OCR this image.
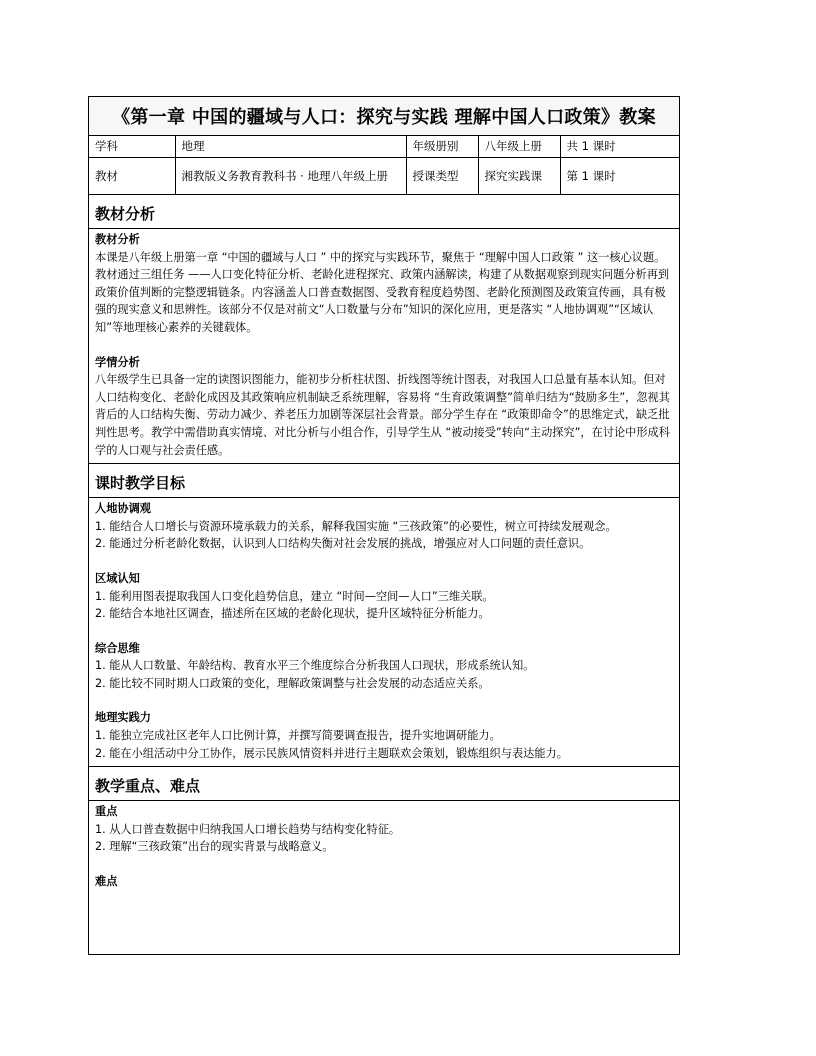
《第一章 中国的疆域与人口：探究与实践 理解中国人口政策》教案
学科	地理	年级册别	八年级上册	共 1 课时
教材	湘教版义务教育教科书 · 地理八年级上册	授课类型	探究实践课	第 1 课时
教材分析

教材分析

本课是八年级上册第一章 “中国的疆域与人口 ” 中的探究与实践环节，聚焦于 “理解中国人口政策 ” 这一核心议题。教材通过三组任务 ——人口变化特征分析、老龄化进程探究、政策内涵解读，构建了从数据观察到现实问题分析再到政策价值判断的完整逻辑链条。内容涵盖人口普查数据图、受教育程度趋势图、老龄化预测图及政策宣传画，具有极强的现实意义和思辨性。该部分不仅是对前文“人口数量与分布”知识的深化应用，更是落实 “人地协调观”“区域认知”等地理核心素养的关键载体。

学情分析

八年级学生已具备一定的读图识图能力，能初步分析柱状图、折线图等统计图表，对我国人口总量有基本认知。但对人口结构变化、老龄化成因及其政策响应机制缺乏系统理解，容易将 “生育政策调整”简单归结为“鼓励多生”，忽视其背后的人口结构失衡、劳动力减少、养老压力加剧等深层社会背景。部分学生存在 “政策即命令”的思维定式，缺乏批判性思考。教学中需借助真实情境、对比分析与小组合作，引导学生从 “被动接受”转向“主动探究”，在讨论中形成科学的人口观与社会责任感。

课时教学目标

人地协调观

1. 能结合人口增长与资源环境承载力的关系，解释我国实施 “三孩政策”的必要性，树立可持续发展观念。

2. 能通过分析老龄化数据，认识到人口结构失衡对社会发展的挑战，增强应对人口问题的责任意识。

区域认知

1. 能利用图表提取我国人口变化趋势信息，建立 “时间—空间—人口”三维关联。

2. 能结合本地社区调查，描述所在区域的老龄化现状，提升区域特征分析能力。

综合思维

1. 能从人口数量、年龄结构、教育水平三个维度综合分析我国人口现状，形成系统认知。

2. 能比较不同时期人口政策的变化，理解政策调整与社会发展的动态适应关系。

地理实践力

1. 能独立完成社区老年人口比例计算，并撰写简要调查报告，提升实地调研能力。

2. 能在小组活动中分工协作，展示民族风情资料并进行主题联欢会策划，锻炼组织与表达能力。

教学重点、难点

重点

1. 从人口普查数据中归纳我国人口增长趋势与结构变化特征。

2. 理解“三孩政策”出台的现实背景与战略意义。

难点
